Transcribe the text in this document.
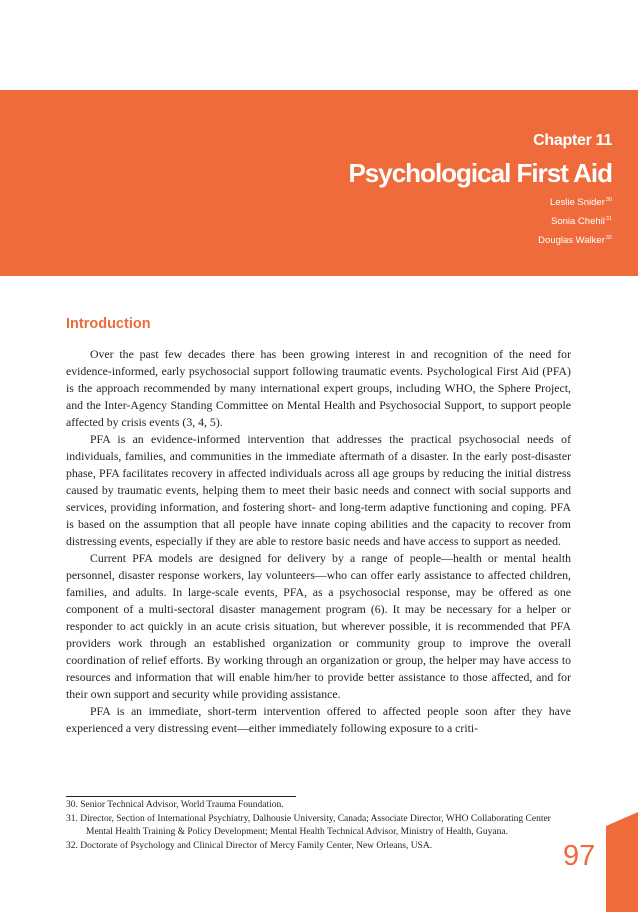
Chapter 11
Psychological First Aid
Leslie Snider$^{30}$
Sonia Chehil$^{31}$
Douglas Walker$^{32}$
Introduction

Over the past few decades there has been growing interest in and recognition of the need for evidence-informed, early psychosocial support following traumatic events. Psychological First Aid (PFA) is the approach recommended by many international expert groups, including WHO, the Sphere Project, and the Inter-Agency Standing Committee on Mental Health and Psychosocial Support, to support people affected by crisis events (3, 4, 5).

PFA is an evidence-informed intervention that addresses the practical psychosocial needs of individuals, families, and communities in the immediate aftermath of a disaster. In the early post-disaster phase, PFA facilitates recovery in affected individuals across all age groups by reducing the initial distress caused by traumatic events, helping them to meet their basic needs and connect with social supports and services, providing information, and fostering short- and long-term adaptive functioning and coping. PFA is based on the assumption that all people have innate coping abilities and the capacity to recover from distressing events, especially if they are able to restore basic needs and have access to support as needed.

Current PFA models are designed for delivery by a range of people—health or mental health personnel, disaster response workers, lay volunteers—who can offer early assistance to affected children, families, and adults. In large-scale events, PFA, as a psychosocial response, may be offered as one component of a multi-sectoral disaster management program (6). It may be necessary for a helper or responder to act quickly in an acute crisis situation, but wherever possible, it is recommended that PFA providers work through an established organization or community group to improve the overall coordination of relief efforts. By working through an organization or group, the helper may have access to resources and information that will enable him/her to provide better assistance to those affected, and for their own support and security while providing assistance.

PFA is an immediate, short-term intervention offered to affected people soon after they have experienced a very distressing event—either immediately following exposure to a criti-

30. Senior Technical Advisor, World Trauma Foundation.

31. Director, Section of International Psychiatry, Dalhousie University, Canada; Associate Director, WHO Collaborating Center Mental Health Training & Policy Development; Mental Health Technical Advisor, Ministry of Health, Guyana.

32. Doctorate of Psychology and Clinical Director of Mercy Family Center, New Orleans, USA.	97
